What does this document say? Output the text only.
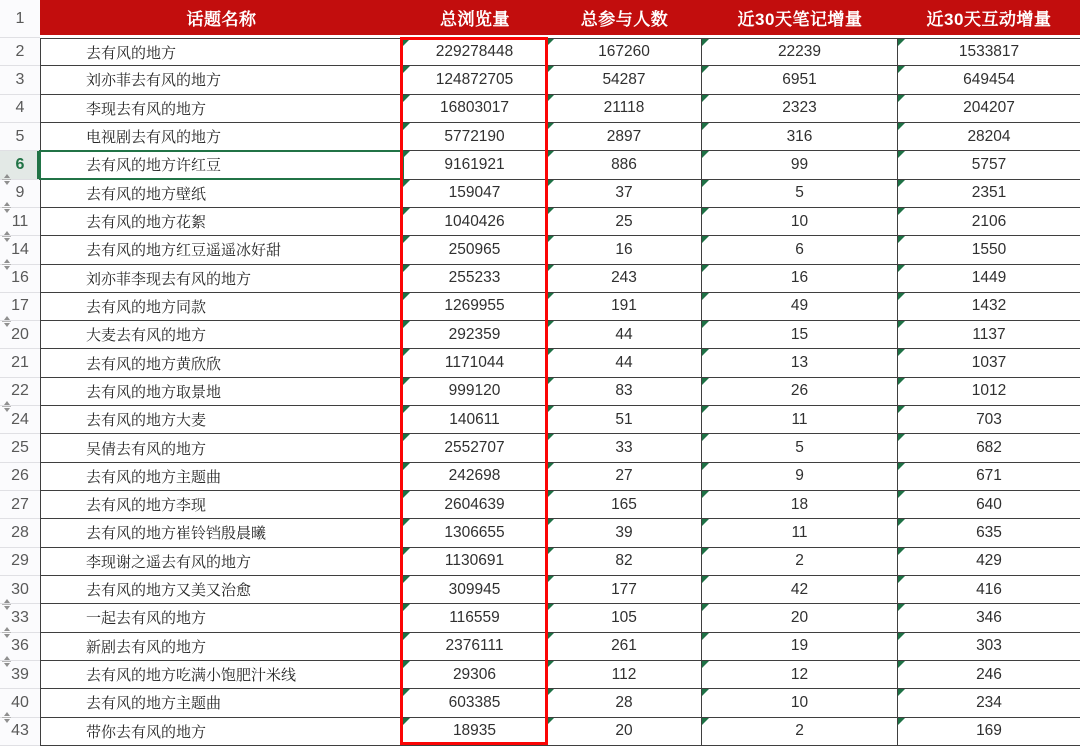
1	话题名称	总浏览量	总参与人数	近30天笔记增量	近30天互动增量
2	去有风的地方	229278448	167260	22239	1533817
3	刘亦菲去有风的地方	124872705	54287	6951	649454
4	李现去有风的地方	16803017	21118	2323	204207
5	电视剧去有风的地方	5772190	2897	316	28204
6	去有风的地方许红豆	9161921	886	99	5757
9	去有风的地方壁纸	159047	37	5	2351
11	去有风的地方花絮	1040426	25	10	2106
14	去有风的地方红豆遥遥冰好甜	250965	16	6	1550
16	刘亦菲李现去有风的地方	255233	243	16	1449
17	去有风的地方同款	1269955	191	49	1432
20	大麦去有风的地方	292359	44	15	1137
21	去有风的地方黄欣欣	1171044	44	13	1037
22	去有风的地方取景地	999120	83	26	1012
24	去有风的地方大麦	140611	51	11	703
25	吴倩去有风的地方	2552707	33	5	682
26	去有风的地方主题曲	242698	27	9	671
27	去有风的地方李现	2604639	165	18	640
28	去有风的地方崔铃铛殷晨曦	1306655	39	11	635
29	李现谢之遥去有风的地方	1130691	82	2	429
30	去有风的地方又美又治愈	309945	177	42	416
33	一起去有风的地方	116559	105	20	346
36	新剧去有风的地方	2376111	261	19	303
39	去有风的地方吃满小饱肥汁米线	29306	112	12	246
40	去有风的地方主题曲	603385	28	10	234
43	带你去有风的地方	18935	20	2	169
